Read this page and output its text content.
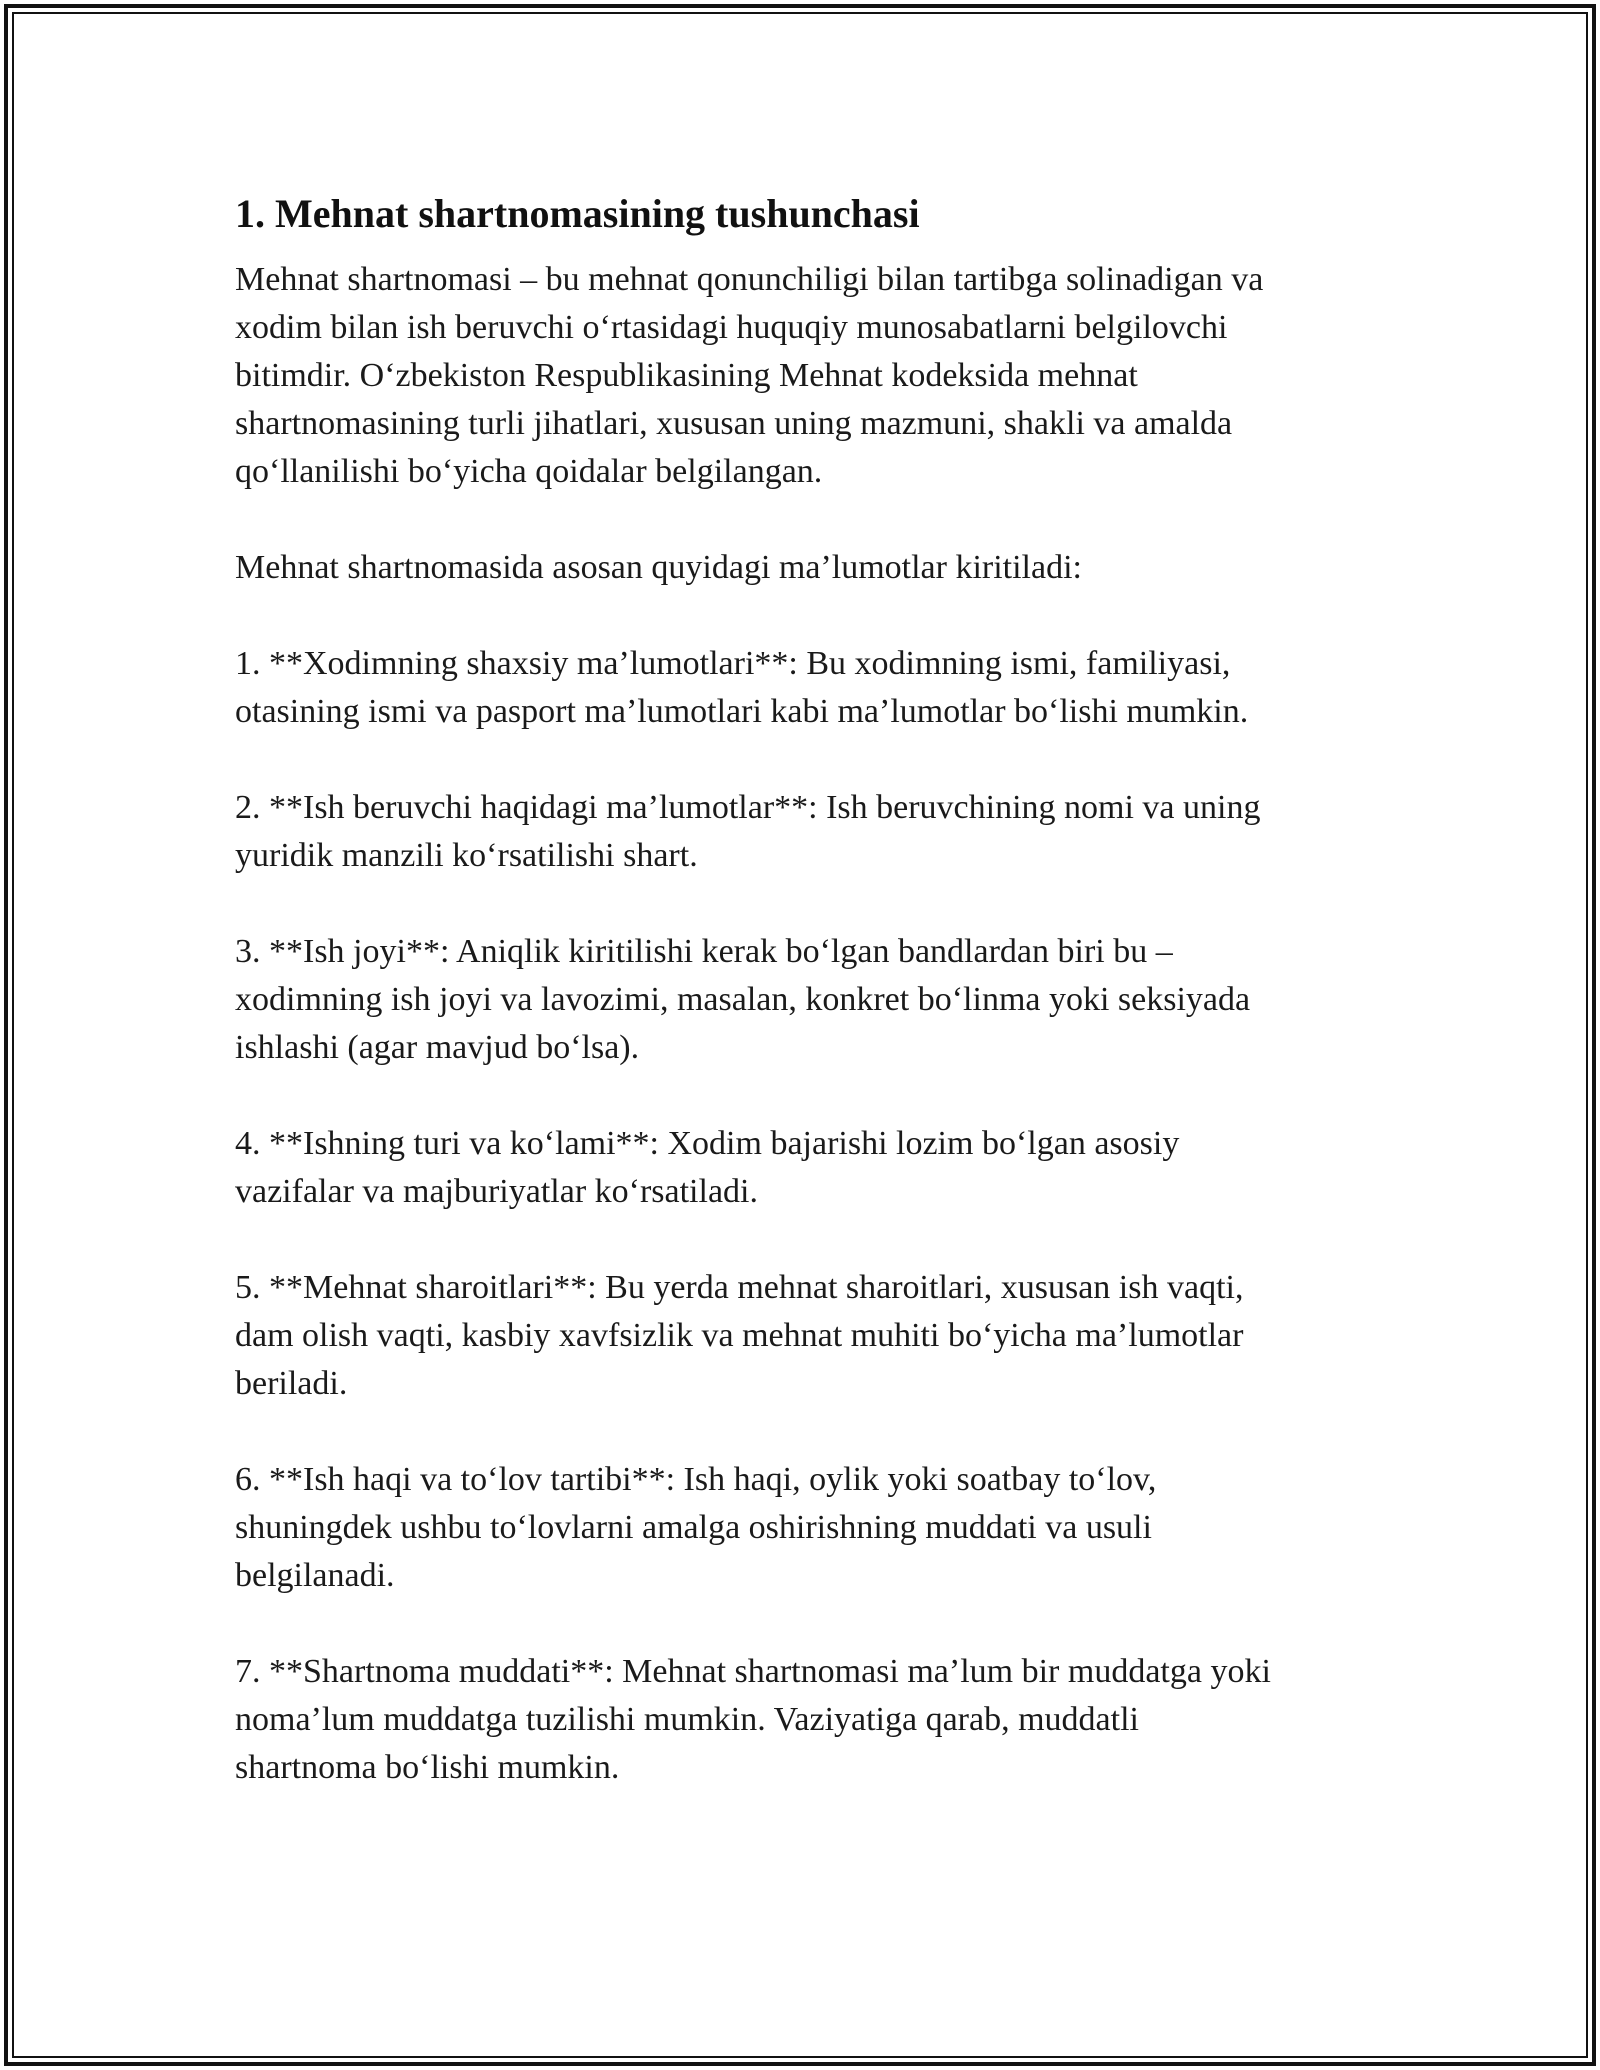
1. Mehnat shartnomasining tushunchasi

Mehnat shartnomasi – bu mehnat qonunchiligi bilan tartibga solinadigan va
xodim bilan ish beruvchi o‘rtasidagi huquqiy munosabatlarni belgilovchi
bitimdir. O‘zbekiston Respublikasining Mehnat kodeksida mehnat
shartnomasining turli jihatlari, xususan uning mazmuni, shakli va amalda
qo‘llanilishi bo‘yicha qoidalar belgilangan.

Mehnat shartnomasida asosan quyidagi ma’lumotlar kiritiladi:

1. **Xodimning shaxsiy ma’lumotlari**: Bu xodimning ismi, familiyasi,
otasining ismi va pasport ma’lumotlari kabi ma’lumotlar bo‘lishi mumkin.

2. **Ish beruvchi haqidagi ma’lumotlar**: Ish beruvchining nomi va uning
yuridik manzili ko‘rsatilishi shart.

3. **Ish joyi**: Aniqlik kiritilishi kerak bo‘lgan bandlardan biri bu –
xodimning ish joyi va lavozimi, masalan, konkret bo‘linma yoki seksiyada
ishlashi (agar mavjud bo‘lsa).

4. **Ishning turi va ko‘lami**: Xodim bajarishi lozim bo‘lgan asosiy
vazifalar va majburiyatlar ko‘rsatiladi.

5. **Mehnat sharoitlari**: Bu yerda mehnat sharoitlari, xususan ish vaqti,
dam olish vaqti, kasbiy xavfsizlik va mehnat muhiti bo‘yicha ma’lumotlar
beriladi.

6. **Ish haqi va to‘lov tartibi**: Ish haqi, oylik yoki soatbay to‘lov,
shuningdek ushbu to‘lovlarni amalga oshirishning muddati va usuli
belgilanadi.

7. **Shartnoma muddati**: Mehnat shartnomasi ma’lum bir muddatga yoki
noma’lum muddatga tuzilishi mumkin. Vaziyatiga qarab, muddatli
shartnoma bo‘lishi mumkin.
